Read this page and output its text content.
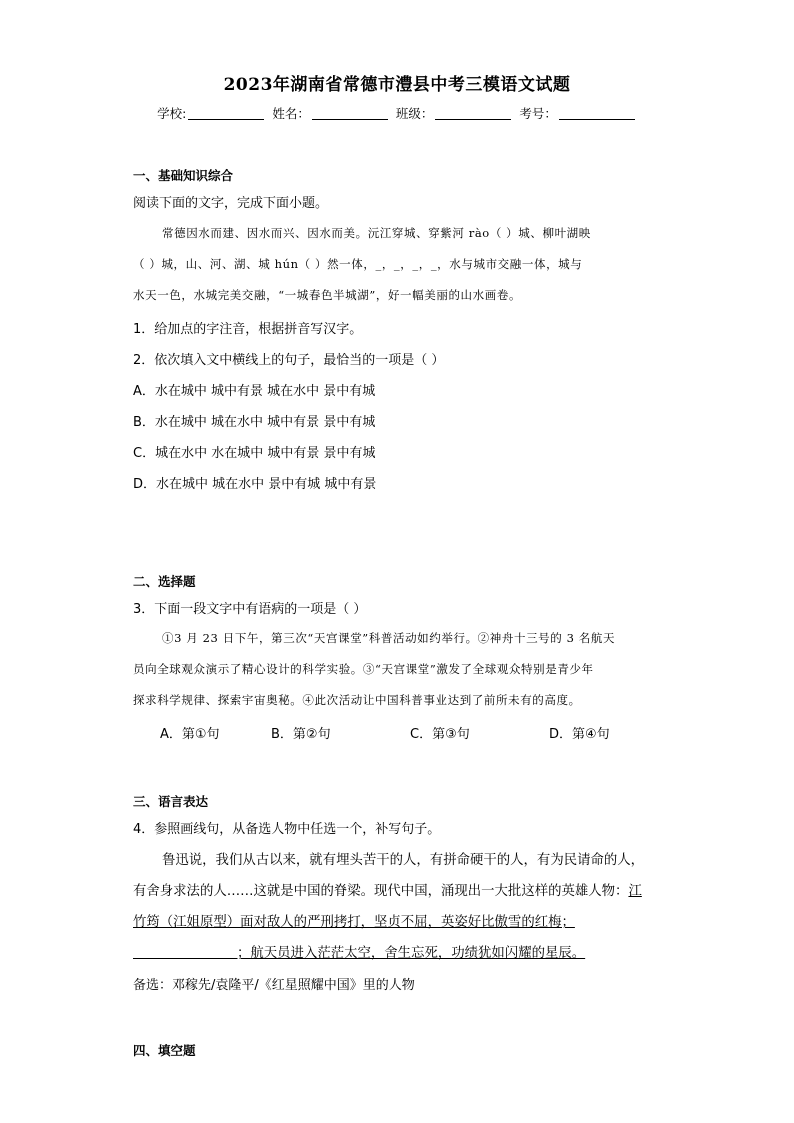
2023年湖南省常德市澧县中考三模语文试题
学校:	姓名：	班级：	考号：
一、基础知识综合
阅读下面的文字，完成下面小题。
常德因水而建、因水而兴、因水而美。沅江穿城、穿紫河 rào（ ）城、柳叶湖映
（ ）城，山、河、湖、城 hún（ ）然一体，_，_，_，_，水与城市交融一体，城与
水天一色，水城完美交融，“一城春色半城湖”，好一幅美丽的山水画卷。
1．给加点的字注音，根据拼音写汉字。
2．依次填入文中横线上的句子，最恰当的一项是（ ）
A．水在城中 城中有景 城在水中 景中有城
B．水在城中 城在水中 城中有景 景中有城
C．城在水中 水在城中 城中有景 景中有城
D．水在城中 城在水中 景中有城 城中有景
二、选择题
3．下面一段文字中有语病的一项是（ ）
①3 月 23 日下午，第三次“天宫课堂”科普活动如约举行。②神舟十三号的 3 名航天
员向全球观众演示了精心设计的科学实验。③“天宫课堂”激发了全球观众特别是青少年
探求科学规律、探索宇宙奥秘。④此次活动让中国科普事业达到了前所未有的高度。
A．第①句	B．第②句	C．第③句	D．第④句
三、语言表达
4．参照画线句，从备选人物中任选一个，补写句子。
鲁迅说，我们从古以来，就有埋头苦干的人，有拼命硬干的人，有为民请命的人，
有舍身求法的人……这就是中国的脊梁。现代中国，涌现出一大批这样的英雄人物：江
竹筠（江姐原型）面对敌人的严刑拷打，坚贞不屈，英姿好比傲雪的红梅；
；航天员进入茫茫太空，舍生忘死，功绩犹如闪耀的星辰。
备选：邓稼先/袁隆平/《红星照耀中国》里的人物
四、填空题
